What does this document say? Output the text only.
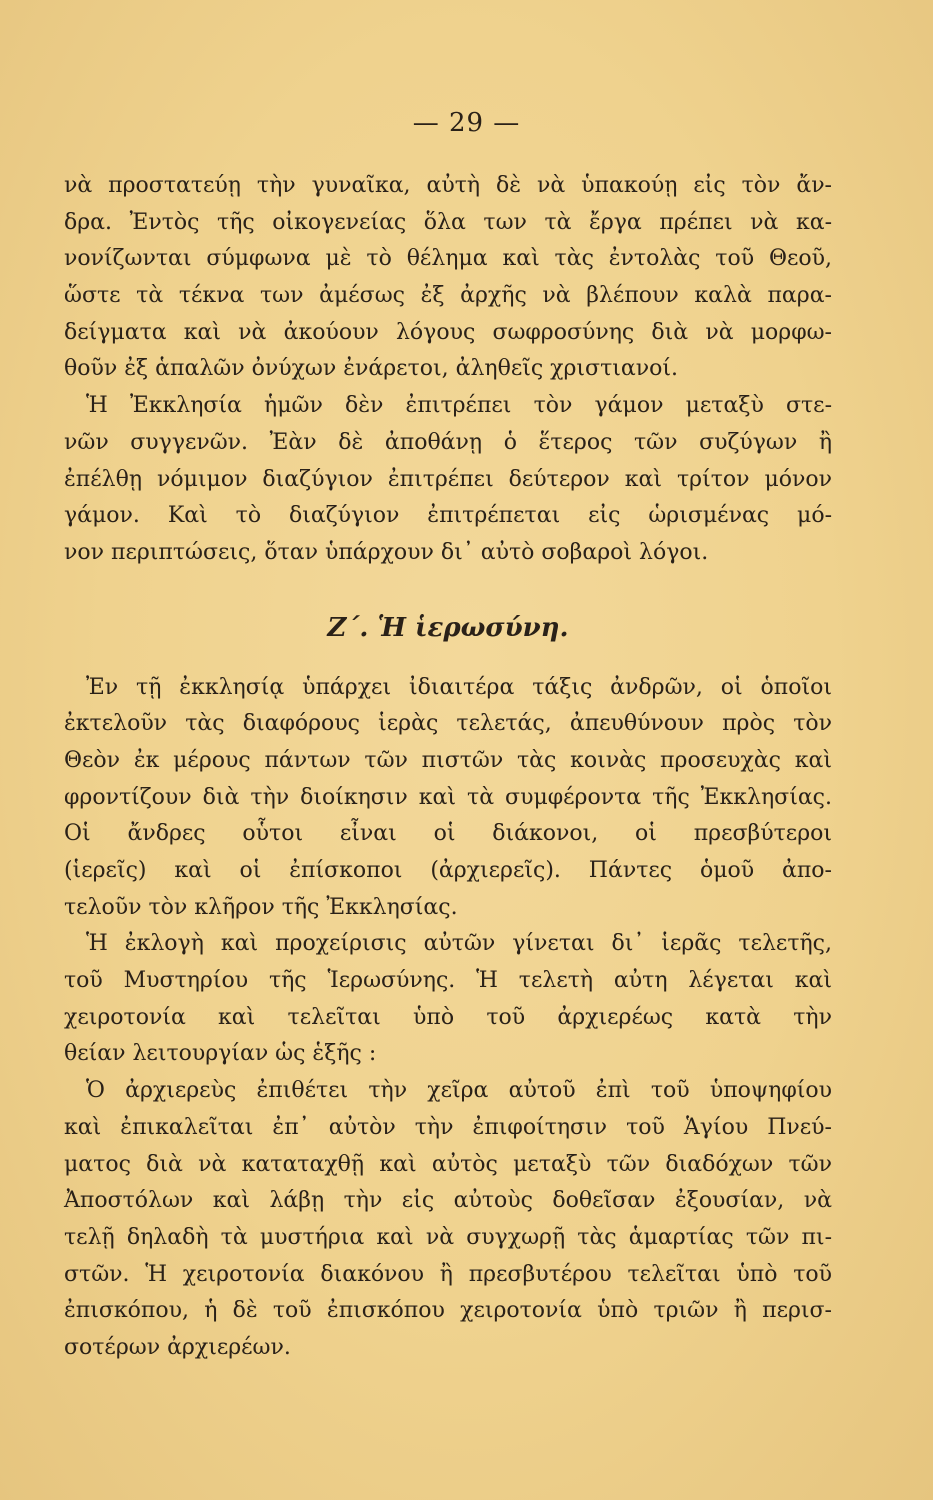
— 29 —
νὰ προστατεύῃ τὴν γυναῖκα, αὐτὴ δὲ νὰ ὑπακούῃ εἰς τὸν ἄν-
δρα. Ἐντὸς τῆς οἰκογενείας ὅλα των τὰ ἔργα πρέπει νὰ κα-
νονίζωνται σύμφωνα μὲ τὸ θέλημα καὶ τὰς ἐντολὰς τοῦ Θεοῦ,
ὥστε τὰ τέκνα των ἀμέσως ἐξ ἀρχῆς νὰ βλέπουν καλὰ παρα-
δείγματα καὶ νὰ ἀκούουν λόγους σωφροσύνης διὰ νὰ μορφω-
θοῦν ἐξ ἁπαλῶν ὀνύχων ἐνάρετοι, ἀληθεῖς χριστιανοί.
Ἡ Ἐκκλησία ἡμῶν δὲν ἐπιτρέπει τὸν γάμον μεταξὺ στε-
νῶν συγγενῶν. Ἐὰν δὲ ἀποθάνῃ ὁ ἕτερος τῶν συζύγων ἢ
ἐπέλθῃ νόμιμον διαζύγιον ἐπιτρέπει δεύτερον καὶ τρίτον μόνον
γάμον. Καὶ τὸ διαζύγιον ἐπιτρέπεται εἰς ὡρισμένας μό-
νον περιπτώσεις, ὅταν ὑπάρχουν δι᾿ αὐτὸ σοβαροὶ λόγοι.
Ζ΄. Ἡ ἱερωσύνη.
Ἐν τῇ ἐκκλησίᾳ ὑπάρχει ἰδιαιτέρα τάξις ἀνδρῶν, οἱ ὁποῖοι
ἐκτελοῦν τὰς διαφόρους ἱερὰς τελετάς, ἀπευθύνουν πρὸς τὸν
Θεὸν ἐκ μέρους πάντων τῶν πιστῶν τὰς κοινὰς προσευχὰς καὶ
φροντίζουν διὰ τὴν διοίκησιν καὶ τὰ συμφέροντα τῆς Ἐκκλησίας.
Οἱ ἄνδρες οὗτοι εἶναι οἱ διάκονοι, οἱ πρεσβύτεροι
(ἱερεῖς) καὶ οἱ ἐπίσκοποι (ἀρχιερεῖς). Πάντες ὁμοῦ ἀπο-
τελοῦν τὸν κλῆρον τῆς Ἐκκλησίας.
Ἡ ἐκλογὴ καὶ προχείρισις αὐτῶν γίνεται δι᾿ ἱερᾶς τελετῆς,
τοῦ Μυστηρίου τῆς Ἱερωσύνης. Ἡ τελετὴ αὐτη λέγεται καὶ
χειροτονία καὶ τελεῖται ὑπὸ τοῦ ἀρχιερέως κατὰ τὴν
θείαν λειτουργίαν ὡς ἑξῆς :
Ὁ ἀρχιερεὺς ἐπιθέτει τὴν χεῖρα αὐτοῦ ἐπὶ τοῦ ὑποψηφίου
καὶ ἐπικαλεῖται ἐπ᾿ αὐτὸν τὴν ἐπιφοίτησιν τοῦ Ἁγίου Πνεύ-
ματος διὰ νὰ καταταχθῇ καὶ αὐτὸς μεταξὺ τῶν διαδόχων τῶν
Ἀποστόλων καὶ λάβῃ τὴν εἰς αὐτοὺς δοθεῖσαν ἐξουσίαν, νὰ
τελῇ δηλαδὴ τὰ μυστήρια καὶ νὰ συγχωρῇ τὰς ἁμαρτίας τῶν πι-
στῶν. Ἡ χειροτονία διακόνου ἢ πρεσβυτέρου τελεῖται ὑπὸ τοῦ
ἐπισκόπου, ἡ δὲ τοῦ ἐπισκόπου χειροτονία ὑπὸ τριῶν ἢ περισ-
σοτέρων ἀρχιερέων.
